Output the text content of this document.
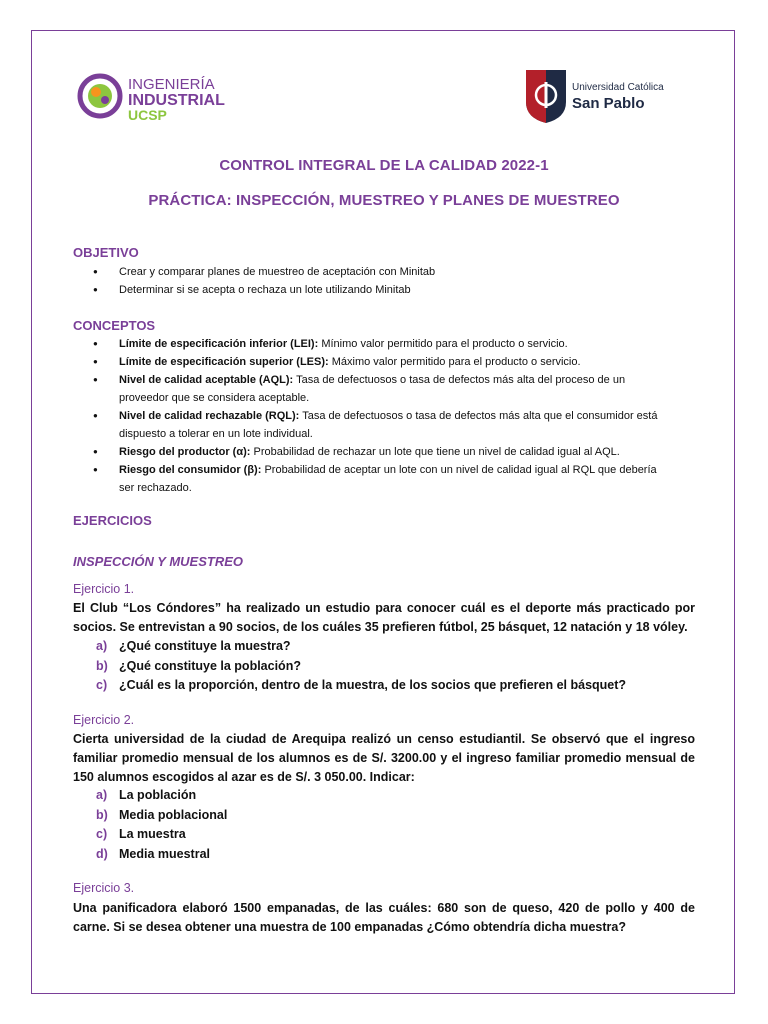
INGENIERÍA
INDUSTRIAL
UCSP
Universidad Católica
San Pablo
CONTROL INTEGRAL DE LA CALIDAD 2022-1
PRÁCTICA: INSPECCIÓN, MUESTREO Y PLANES DE MUESTREO
OBJETIVO
● Crear y comparar planes de muestreo de aceptación con Minitab
● Determinar si se acepta o rechaza un lote utilizando Minitab
CONCEPTOS
● Límite de especificación inferior (LEI): Mínimo valor permitido para el producto o servicio.
● Límite de especificación superior (LES): Máximo valor permitido para el producto o servicio.
● Nivel de calidad aceptable (AQL): Tasa de defectuosos o tasa de defectos más alta del proceso de un proveedor que se considera aceptable.
● Nivel de calidad rechazable (RQL): Tasa de defectuosos o tasa de defectos más alta que el consumidor está dispuesto a tolerar en un lote individual.
● Riesgo del productor (α): Probabilidad de rechazar un lote que tiene un nivel de calidad igual al AQL.
● Riesgo del consumidor (β): Probabilidad de aceptar un lote con un nivel de calidad igual al RQL que debería ser rechazado.
EJERCICIOS
INSPECCIÓN Y MUESTREO
Ejercicio 1.
El Club “Los Cóndores” ha realizado un estudio para conocer cuál es el deporte más practicado por socios. Se entrevistan a 90 socios, de los cuáles 35 prefieren fútbol, 25 básquet, 12 natación y 18 vóley.
a) ¿Qué constituye la muestra?
b) ¿Qué constituye la población?
c) ¿Cuál es la proporción, dentro de la muestra, de los socios que prefieren el básquet?
Ejercicio 2.
Cierta universidad de la ciudad de Arequipa realizó un censo estudiantil. Se observó que el ingreso familiar promedio mensual de los alumnos es de S/. 3200.00 y el ingreso familiar promedio mensual de 150 alumnos escogidos al azar es de S/. 3 050.00. Indicar:
a) La población
b) Media poblacional
c) La muestra
d) Media muestral
Ejercicio 3.
Una panificadora elaboró 1500 empanadas, de las cuáles: 680 son de queso, 420 de pollo y 400 de carne. Si se desea obtener una muestra de 100 empanadas ¿Cómo obtendría dicha muestra?
